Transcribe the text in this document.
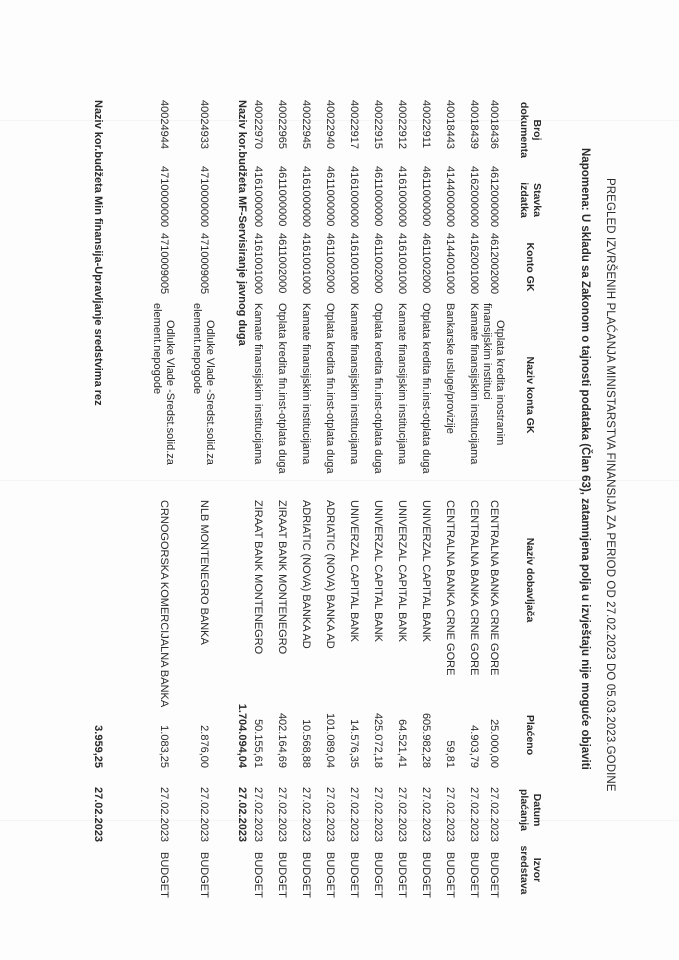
PREGLED IZVRŠENIH PLAĆANJA MINISTARSTVA FINANSIJA ZA PERIOD OD 27.02.2023 DO 05.03.2023.GODINE
Napomena: U skladu sa Zakonom o tajnosti podataka (Član 63), zatamnjena polja u izvještaju nije moguće objaviti
Broj
dokumenta
Stavka
izdatka
Konto GK
Naziv konta GK
Naziv dobavljača
Plaćeno
Datum
plaćanja
Izvor
sredstava
40018436
4612000000
4612002000
CENTRALNA BANKA CRNE GORE
25.000,00
27.02.2023
BUDGET
Otplata kredita inostranim
finansijskim instituci
40018439
4162000000
4162001000
CENTRALNA BANKA CRNE GORE
4.903,79
27.02.2023
BUDGET
Kamate finansijskim institucijama
40018443
4144000000
4144001000
CENTRALNA BANKA CRNE GORE
59,81
27.02.2023
BUDGET
Bankarske usluge/provizije
40022911
4611000000
4611002000
UNIVERZAL CAPITAL BANK
605.982,28
27.02.2023
BUDGET
Otplata kredita fin.inst-otplata duga
40022912
4161000000
4161001000
UNIVERZAL CAPITAL BANK
64.521,41
27.02.2023
BUDGET
Kamate finansijskim institucijama
40022915
4611000000
4611002000
UNIVERZAL CAPITAL BANK
425.072,18
27.02.2023
BUDGET
Otplata kredita fin.inst-otplata duga
40022917
4161000000
4161001000
UNIVERZAL CAPITAL BANK
14.576,35
27.02.2023
BUDGET
Kamate finansijskim institucijama
40022940
4611000000
4611002000
ADRIATIC (NOVA) BANKA AD
101.089,04
27.02.2023
BUDGET
Otplata kredita fin.inst-otplata duga
40022945
4161000000
4161001000
ADRIATIC (NOVA) BANKA AD
10.568,88
27.02.2023
BUDGET
Kamate finansijskim institucijama
40022965
4611000000
4611002000
ZIRAAT BANK MONTENEGRO
402.164,69
27.02.2023
BUDGET
Otplata kredita fin.inst-otplata duga
40022970
4161000000
4161001000
ZIRAAT BANK MONTENEGRO
50.155,61
27.02.2023
BUDGET
Kamate finansijskim institucijama
Naziv kor.budžeta MF-Servisiranje javnog duga
1.704.094,04
27.02.2023
40024933
4710000000
4710009005
NLB MONTENEGRO BANKA
2.876,00
27.02.2023
BUDGET
Odluke Vlade -Sredst.solid.za
element.nepogode
40024944
4710000000
4710009005
CRNOGORSKA KOMERCIJALNA BANKA
1.083,25
27.02.2023
BUDGET
Odluke Vlade -Sredst.solid.za
element.nepogode
Naziv kor.budžeta Min finansija-Upravljanje sredstvima rez
3.959,25
27.02.2023
